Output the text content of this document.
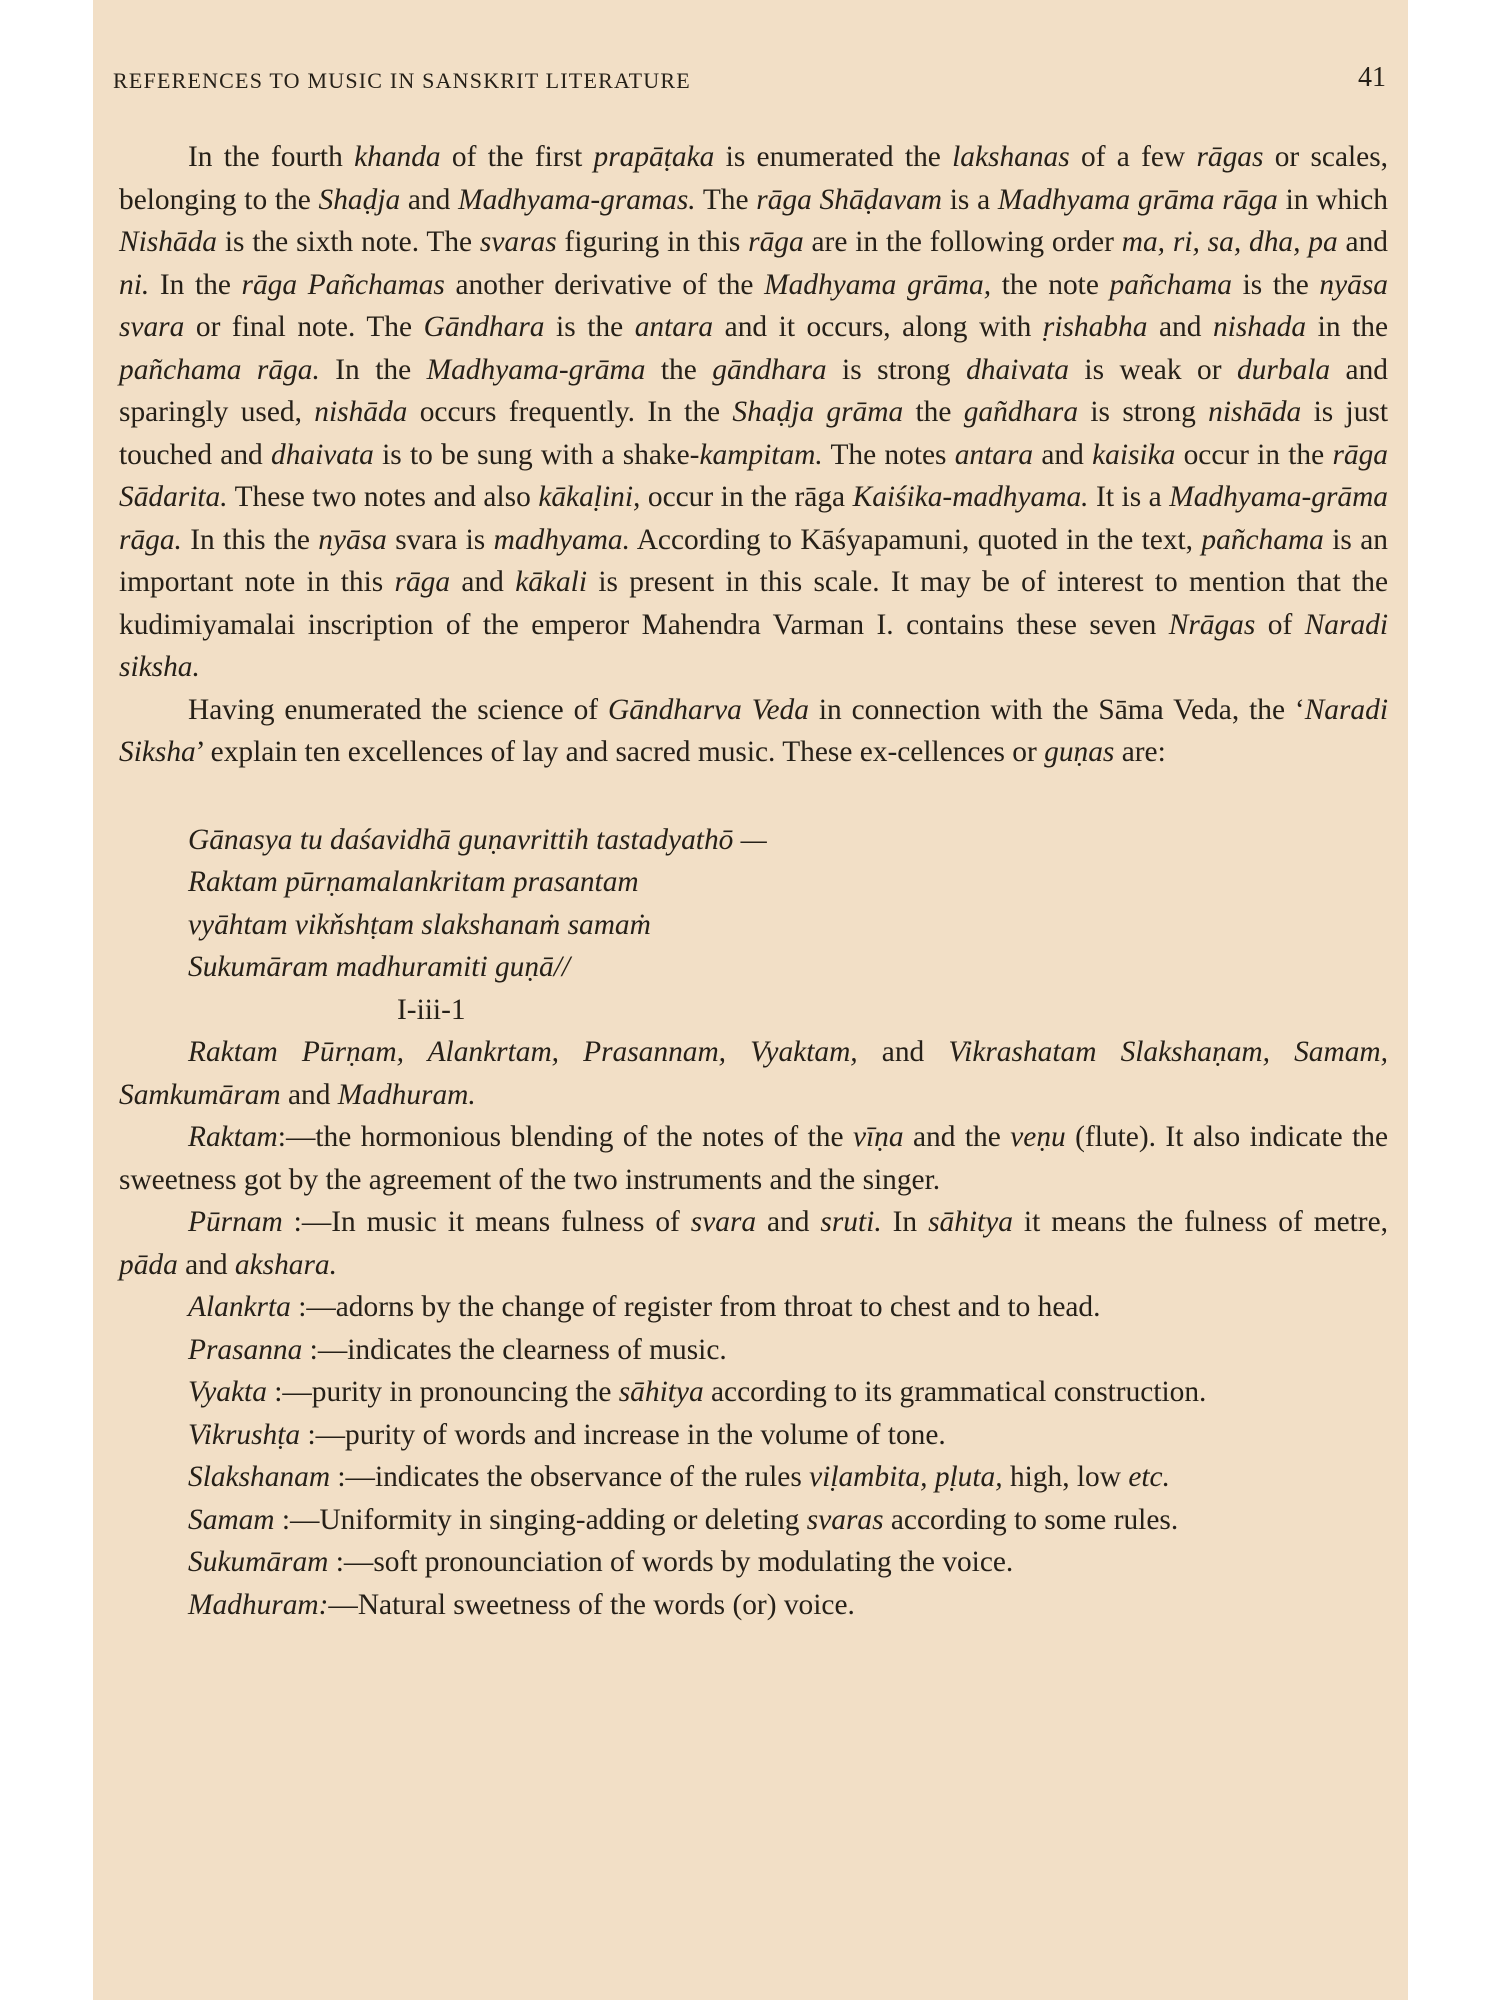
REFERENCES TO MUSIC IN SANSKRIT LITERATURE	41

In the fourth khanda of the first prapāṭaka is enumerated the lakshanas of a few rāgas or scales, belonging to the Shaḍja and Madhyama-gramas. The rāga Shāḍavam is a Madhyama grāma rāga in which Nishāda is the sixth note. The svaras figuring in this rāga are in the following order ma, ri, sa, dha, pa and ni. In the rāga Pañchamas another derivative of the Madhyama grāma, the note pañchama is the nyāsa svara or final note. The Gāndhara is the antara and it occurs, along with ṛishabha and nishada in the pañchama rāga. In the Madhyama-grāma the gāndhara is strong dhaivata is weak or durbala and sparingly used, nishāda occurs frequently. In the Shaḍja grāma the gañdhara is strong nishāda is just touched and dhaivata is to be sung with a shake-kampitam. The notes antara and kaisika occur in the rāga Sādarita. These two notes and also kākaḷini, occur in the rāga Kaiśika-madhyama. It is a Madhyama-grāma rāga. In this the nyāsa svara is madhyama. According to Kāśyapamuni, quoted in the text, pañchama is an important note in this rāga and kākali is present in this scale. It may be of interest to mention that the kudimiyamalai inscription of the emperor Mahendra Varman I. contains these seven Nrāgas of Naradi siksha.

Having enumerated the science of Gāndharva Veda in connection with the Sāma Veda, the ‘Naradi Siksha’ explain ten excellences of lay and sacred music. These ex-cellences or guṇas are:

Gānasya tu daśavidhā guṇavrittih tastadyathō —
Raktam pūrṇamalankritam prasantam
vyāhtam vikňshṭam slakshanaṁ samaṁ
Sukumāram madhuramiti guṇā//

I-iii-1

Raktam Pūrṇam, Alankrtam, Prasannam, Vyaktam, and Vikrashatam Slakshaṇam, Samam, Samkumāram and Madhuram.

Raktam:—the hormonious blending of the notes of the vīṇa and the veṇu (flute). It also indicate the sweetness got by the agreement of the two instruments and the singer.

Pūrnam :—In music it means fulness of svara and sruti. In sāhitya it means the fulness of metre, pāda and akshara.

Alankrta :—adorns by the change of register from throat to chest and to head.

Prasanna :—indicates the clearness of music.

Vyakta :—purity in pronouncing the sāhitya according to its grammatical construction.

Vikrushṭa :—purity of words and increase in the volume of tone.

Slakshanam :—indicates the observance of the rules viḷambita, pḷuta, high, low etc.

Samam :—Uniformity in singing-adding or deleting svaras according to some rules.

Sukumāram :—soft pronounciation of words by modulating the voice.

Madhuram:—Natural sweetness of the words (or) voice.
